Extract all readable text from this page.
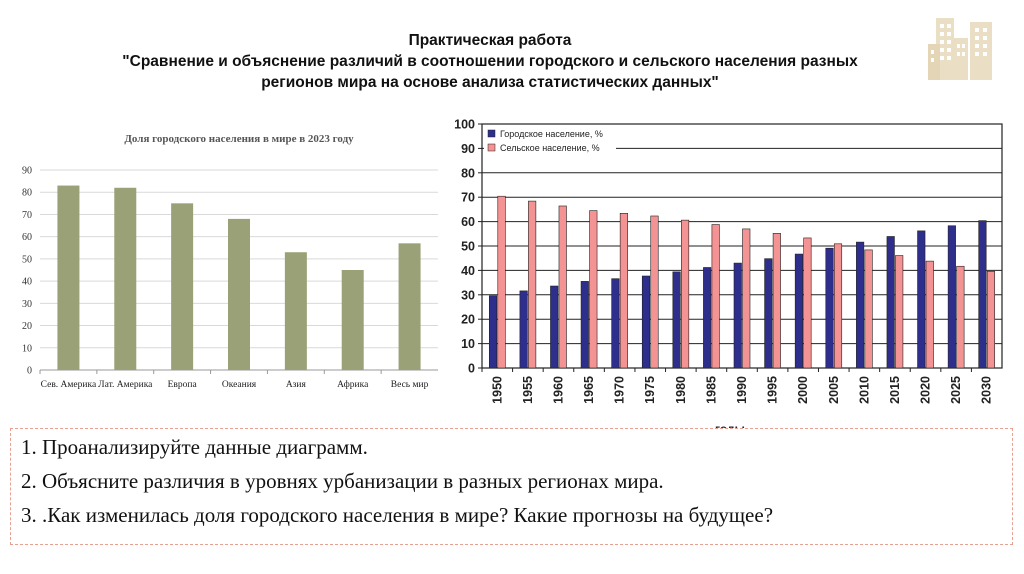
Практическая работа
"Сравнение и объяснение различий в соотношении городского и сельского населения разных
регионов мира на основе анализа статистических данных"
Доля городского населения в мире в 2023 году
0
10
20
30
40
50
60
70
80
90
Сев. Америка Лат. Америка Европа	Океания	Азия	Африка Весь мир
0
10
20
30
40
50
60
70
80
90
100
1950 1955 1960 1965 1970 1975 1980 1985 1990 1995 2000 2005 2010 2015 2020 2025 2030
Городское население, %
Сельское население, %
1. Проанализируйте данные диаграмм.
2. Объясните различия в уровнях урбанизации в разных регионах мира.
3. .Как изменилась доля городского населения в мире? Какие прогнозы на будущее?
